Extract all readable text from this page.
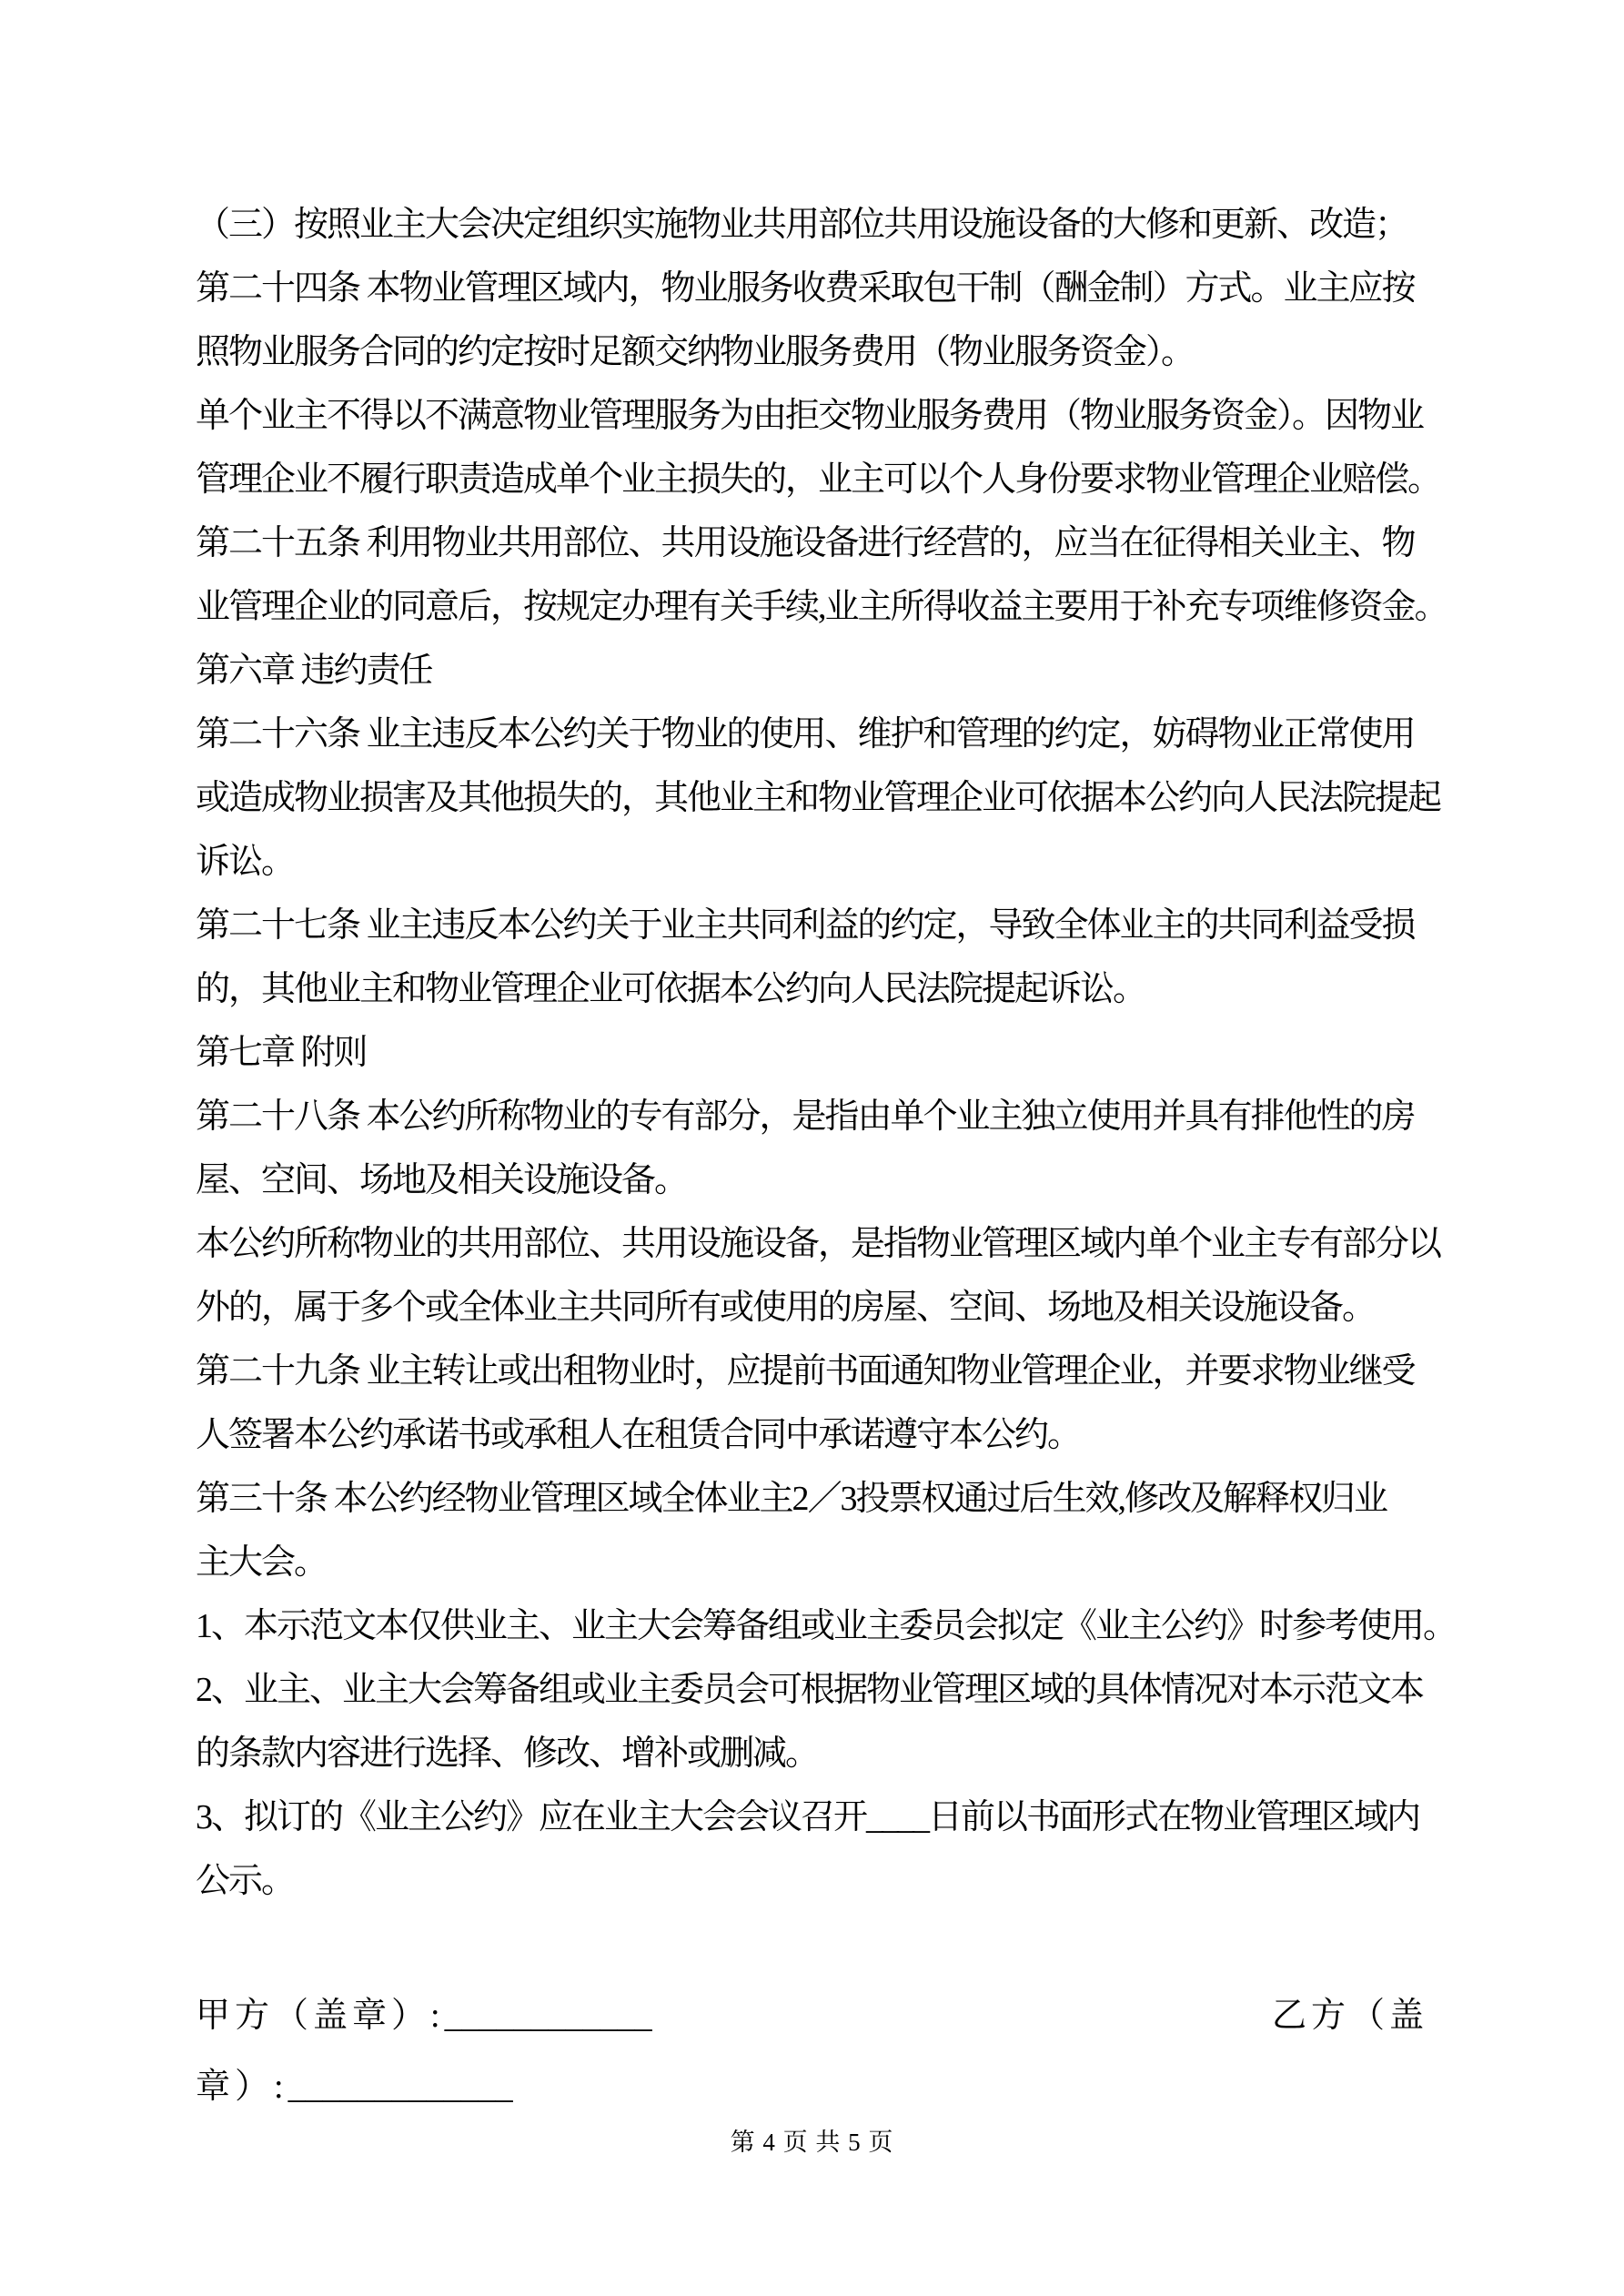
（三）按照业主大会决定组织实施物业共用部位共用设施设备的大修和更新、改造；
第二十四条 本物业管理区域内，物业服务收费采取包干制（酬金制）方式。业主应按
照物业服务合同的约定按时足额交纳物业服务费用（物业服务资金）。
单个业主不得以不满意物业管理服务为由拒交物业服务费用（物业服务资金）。因物业
管理企业不履行职责造成单个业主损失的，业主可以个人身份要求物业管理企业赔偿。
第二十五条 利用物业共用部位、共用设施设备进行经营的，应当在征得相关业主、物
业管理企业的同意后，按规定办理有关手续,业主所得收益主要用于补充专项维修资金。
第六章 违约责任
第二十六条 业主违反本公约关于物业的使用、维护和管理的约定，妨碍物业正常使用
或造成物业损害及其他损失的，其他业主和物业管理企业可依据本公约向人民法院提起
诉讼。
第二十七条 业主违反本公约关于业主共同利益的约定，导致全体业主的共同利益受损
的，其他业主和物业管理企业可依据本公约向人民法院提起诉讼。
第七章 附则
第二十八条 本公约所称物业的专有部分，是指由单个业主独立使用并具有排他性的房
屋、空间、场地及相关设施设备。
本公约所称物业的共用部位、共用设施设备，是指物业管理区域内单个业主专有部分以
外的，属于多个或全体业主共同所有或使用的房屋、空间、场地及相关设施设备。
第二十九条 业主转让或出租物业时，应提前书面通知物业管理企业，并要求物业继受
人签署本公约承诺书或承租人在租赁合同中承诺遵守本公约。
第三十条 本公约经物业管理区域全体业主2／3投票权通过后生效,修改及解释权归业
主大会。
1、本示范文本仅供业主、业主大会筹备组或业主委员会拟定《业主公约》时参考使用。
2、业主、业主大会筹备组或业主委员会可根据物业管理区域的具体情况对本示范文本
的条款内容进行选择、修改、增补或删减。
3、拟订的《业主公约》应在业主大会会议召开____日前以书面形式在物业管理区域内
公示。
甲方（盖章）:____________	乙方（盖
章）:_____________
第 4 页 共 5 页
